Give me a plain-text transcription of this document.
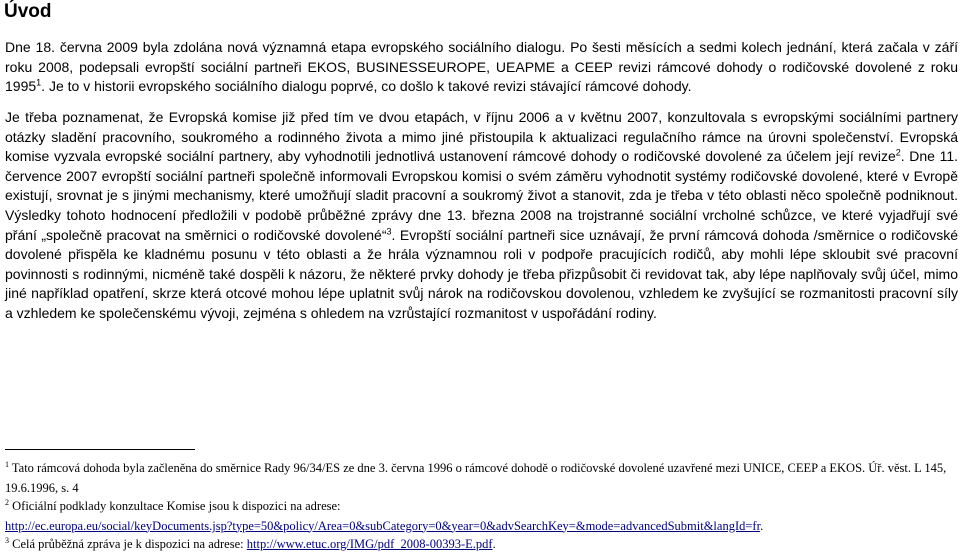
Úvod

Dne 18. června 2009 byla zdolána nová významná etapa evropského sociálního dialogu. Po šesti měsících a sedmi kolech jednání, která začala v září roku 2008, podepsali evropští sociální partneři EKOS, BUSINESSEUROPE, UEAPME a CEEP revizi rámcové dohody o rodičovské dovolené z roku 1995$^1$. Je to v historii evropského sociálního dialogu poprvé, co došlo k takové revizi stávající rámcové dohody.

Je třeba poznamenat, že Evropská komise již před tím ve dvou etapách, v říjnu 2006 a v květnu 2007, konzultovala s evropskými sociálními partnery otázky sladění pracovního, soukromého a rodinného života a mimo jiné přistoupila k aktualizaci regulačního rámce na úrovni společenství. Evropská komise vyzvala evropské sociální partnery, aby vyhodnotili jednotlivá ustanovení rámcové dohody o rodičovské dovolené za účelem její revize$^2$. Dne 11. července 2007 evropští sociální partneři společně informovali Evropskou komisi o svém záměru vyhodnotit systémy rodičovské dovolené, které v Evropě existují, srovnat je s jinými mechanismy, které umožňují sladit pracovní a soukromý život a stanovit, zda je třeba v této oblasti něco společně podniknout. Výsledky tohoto hodnocení předložili v podobě průběžné zprávy dne 13. března 2008 na trojstranné sociální vrcholné schůzce, ve které vyjadřují své přání „společně pracovat na směrnici o rodičovské dovolené“$^3$. Evropští sociální partneři sice uznávají, že první rámcová dohoda /směrnice o rodičovské dovolené přispěla ke kladnému posunu v této oblasti a že hrála významnou roli v podpoře pracujících rodičů, aby mohli lépe skloubit své pracovní povinnosti s rodinnými, nicméně také dospěli k názoru, že některé prvky dohody je třeba přizpůsobit či revidovat tak, aby lépe naplňovaly svůj účel, mimo jiné například opatření, skrze která otcové mohou lépe uplatnit svůj nárok na rodičovskou dovolenou, vzhledem ke zvyšující se rozmanitosti pracovní síly a vzhledem ke společenskému vývoji, zejména s ohledem na vzrůstající rozmanitost v uspořádání rodiny.

$^1$ Tato rámcová dohoda byla začleněna do směrnice Rady 96/34/ES ze dne 3. června 1996 o rámcové dohodě o rodičovské dovolené uzavřené mezi UNICE, CEEP a EKOS. Úř. věst. L 145, 19.6.1996, s. 4
$^2$ Oficiální podklady konzultace Komise jsou k dispozici na adrese:
http://ec.europa.eu/social/keyDocuments.jsp?type=50&policy/Area=0&subCategory=0&year=0&advSearchKey=&mode=advancedSubmit&langId=fr.
$^3$ Celá průběžná zpráva je k dispozici na adrese: http://www.etuc.org/IMG/pdf_2008-00393-E.pdf.
